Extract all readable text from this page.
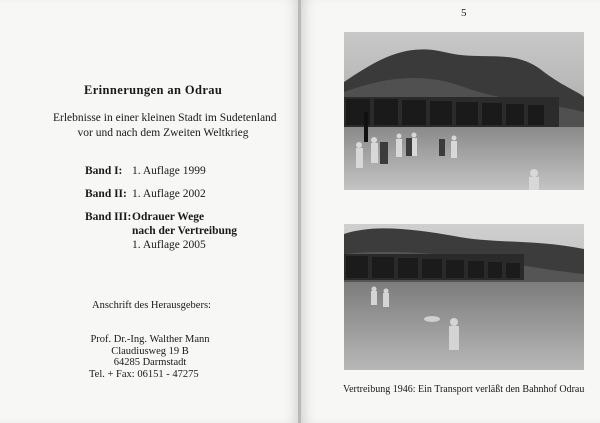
Erinnerungen an Odrau
Erlebnisse in einer kleinen Stadt im Sudetenland
vor und nach dem Zweiten Weltkrieg
Band I: 1. Auflage 1999
Band II: 1. Auflage 2002
Band III: Odrauer Wege
nach der Vertreibung
1. Auflage 2005
Anschrift des Herausgebers:
Prof. Dr.-Ing. Walther Mann
Claudiusweg 19 B
64285 Darmstadt
Tel. + Fax: 06151 - 47275
5
Vertreibung 1946: Ein Transport verläßt den Bahnhof Odrau
